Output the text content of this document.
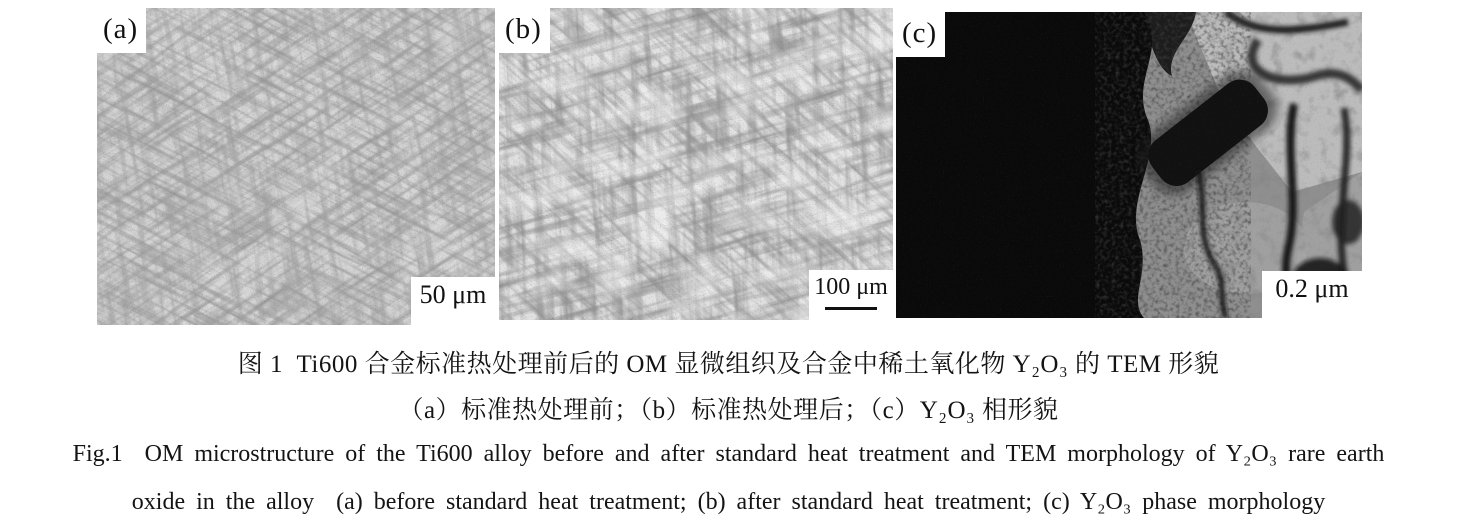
(a)
50 μm
(b)
100 μm
(c)
0.2 μm
图 1  Ti600 合金标准热处理前后的 OM 显微组织及合金中稀土氧化物 Y₂O₃ 的 TEM 形貌
（a）标准热处理前；（b）标准热处理后；（c）Y₂O₃ 相形貌
Fig.1  OM microstructure of the Ti600 alloy before and after standard heat treatment and TEM morphology of Y₂O₃ rare earth
oxide in the alloy  (a) before standard heat treatment; (b) after standard heat treatment; (c) Y₂O₃ phase morphology
